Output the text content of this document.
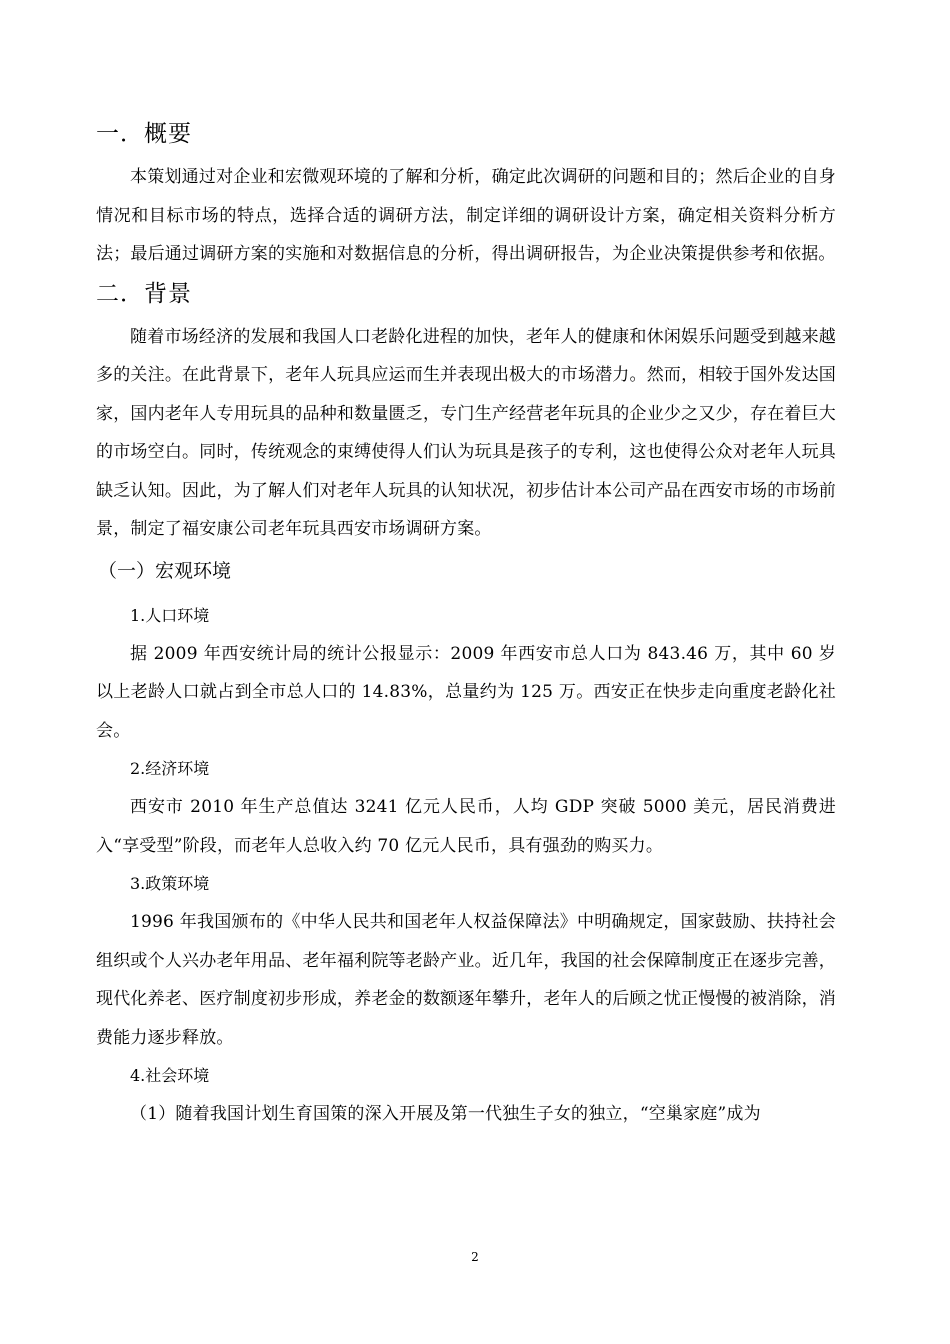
一．概要

本策划通过对企业和宏微观环境的了解和分析，确定此次调研的问题和目的；然后企业的自身情况和目标市场的特点，选择合适的调研方法，制定详细的调研设计方案，确定相关资料分析方法；最后通过调研方案的实施和对数据信息的分析，得出调研报告，为企业决策提供参考和依据。

二．背景

随着市场经济的发展和我国人口老龄化进程的加快，老年人的健康和休闲娱乐问题受到越来越多的关注。在此背景下，老年人玩具应运而生并表现出极大的市场潜力。然而，相较于国外发达国家，国内老年人专用玩具的品种和数量匮乏，专门生产经营老年玩具的企业少之又少，存在着巨大的市场空白。同时，传统观念的束缚使得人们认为玩具是孩子的专利，这也使得公众对老年人玩具缺乏认知。因此，为了解人们对老年人玩具的认知状况，初步估计本公司产品在西安市场的市场前景，制定了福安康公司老年玩具西安市场调研方案。

（一）宏观环境
1.人口环境

据 2009 年西安统计局的统计公报显示：2009 年西安市总人口为 843.46 万，其中 60 岁以上老龄人口就占到全市总人口的 14.83%，总量约为 125 万。西安正在快步走向重度老龄化社会。

2.经济环境

西安市 2010 年生产总值达 3241 亿元人民币，人均 GDP 突破 5000 美元，居民消费进入“享受型”阶段，而老年人总收入约 70 亿元人民币，具有强劲的购买力。

3.政策环境

1996 年我国颁布的《中华人民共和国老年人权益保障法》中明确规定，国家鼓励、扶持社会组织或个人兴办老年用品、老年福利院等老龄产业。近几年，我国的社会保障制度正在逐步完善，现代化养老、医疗制度初步形成，养老金的数额逐年攀升，老年人的后顾之忧正慢慢的被消除，消费能力逐步释放。

4.社会环境

（1）随着我国计划生育国策的深入开展及第一代独生子女的独立，“空巢家庭”成为

2
